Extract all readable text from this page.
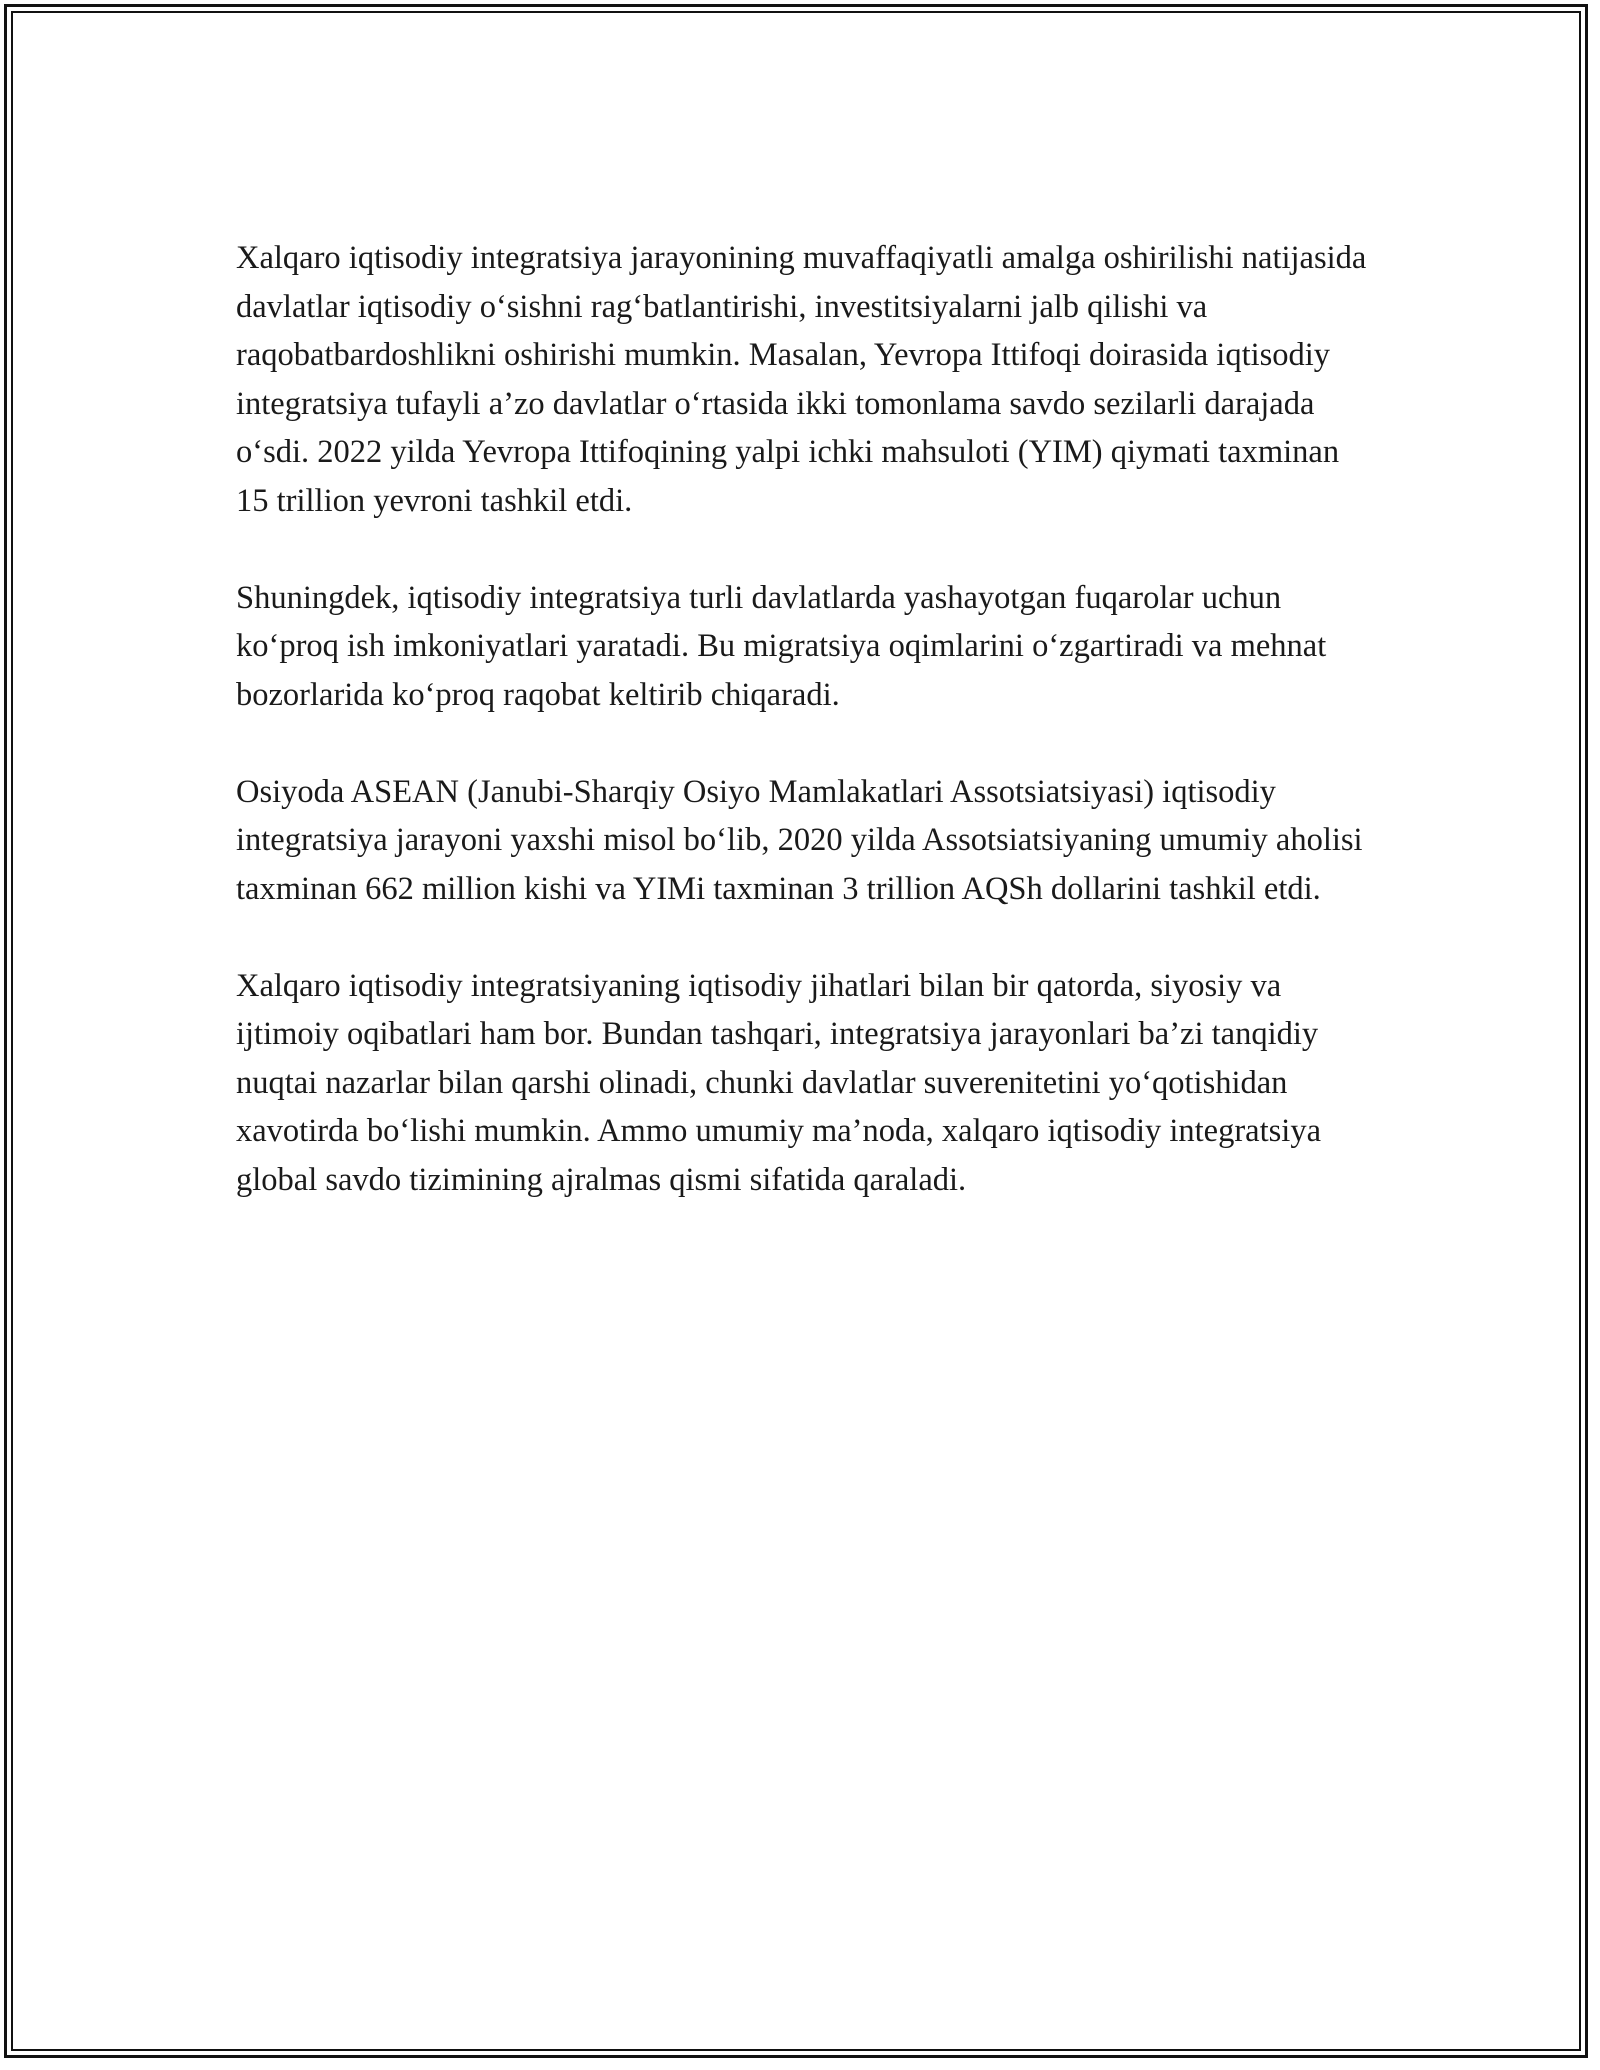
Xalqaro iqtisodiy integratsiya jarayonining muvaffaqiyatli amalga oshirilishi natijasida davlatlar iqtisodiy o‘sishni rag‘batlantirishi, investitsiyalarni jalb qilishi va raqobatbardoshlikni oshirishi mumkin. Masalan, Yevropa Ittifoqi doirasida iqtisodiy integratsiya tufayli a’zo davlatlar o‘rtasida ikki tomonlama savdo sezilarli darajada o‘sdi. 2022 yilda Yevropa Ittifoqining yalpi ichki mahsuloti (YIM) qiymati taxminan 15 trillion yevroni tashkil etdi.

Shuningdek, iqtisodiy integratsiya turli davlatlarda yashayotgan fuqarolar uchun ko‘proq ish imkoniyatlari yaratadi. Bu migratsiya oqimlarini o‘zgartiradi va mehnat bozorlarida ko‘proq raqobat keltirib chiqaradi.

Osiyoda ASEAN (Janubi-Sharqiy Osiyo Mamlakatlari Assotsiatsiyasi) iqtisodiy integratsiya jarayoni yaxshi misol bo‘lib, 2020 yilda Assotsiatsiyaning umumiy aholisi taxminan 662 million kishi va YIMi taxminan 3 trillion AQSh dollarini tashkil etdi.

Xalqaro iqtisodiy integratsiyaning iqtisodiy jihatlari bilan bir qatorda, siyosiy va ijtimoiy oqibatlari ham bor. Bundan tashqari, integratsiya jarayonlari ba’zi tanqidiy nuqtai nazarlar bilan qarshi olinadi, chunki davlatlar suverenitetini yo‘qotishidan xavotirda bo‘lishi mumkin. Ammo umumiy ma’noda, xalqaro iqtisodiy integratsiya global savdo tizimining ajralmas qismi sifatida qaraladi.
